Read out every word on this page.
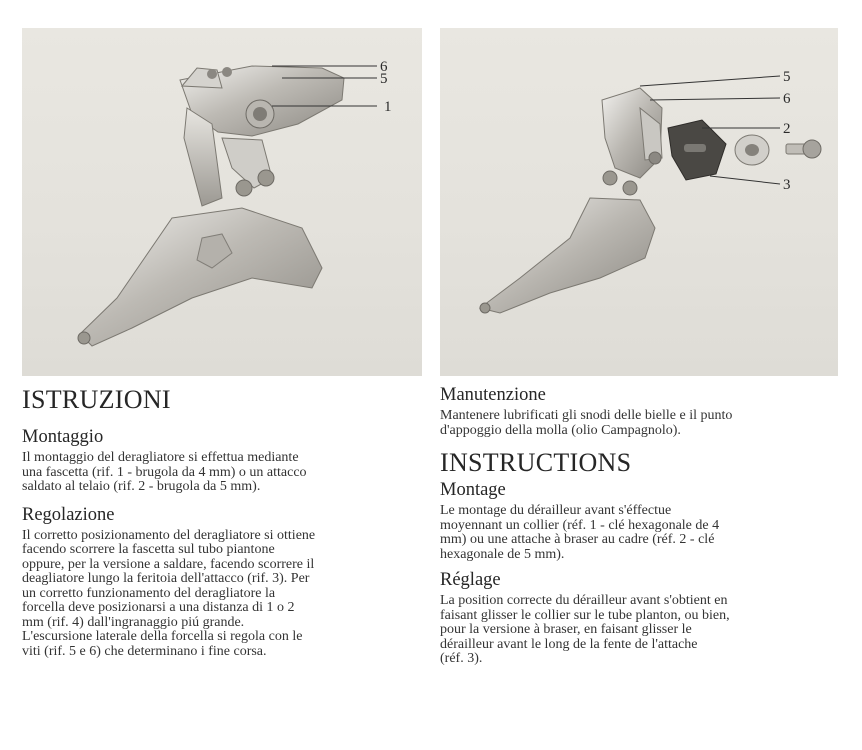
6
5
1
5
6
2
3
ISTRUZIONI
Montaggio

Il montaggio del deragliatore si effettua mediante

una fascetta (rif. 1 - brugola da 4 mm) o un attacco

saldato al telaio (rif. 2 - brugola da 5 mm).

Regolazione

Il corretto posizionamento del deragliatore si ottiene

facendo scorrere la fascetta sul tubo piantone

oppure, per la versione a saldare, facendo scorrere il

deagliatore lungo la feritoia dell'attacco (rif. 3). Per

un corretto funzionamento del deragliatore la

forcella deve posizionarsi a una distanza di 1 o 2

mm (rif. 4) dall'ingranaggio piú grande.

L'escursione laterale della forcella si regola con le

viti (rif. 5 e 6) che determinano i fine corsa.

Manutenzione

Mantenere lubrificati gli snodi delle bielle e il punto

d'appoggio della molla (olio Campagnolo).

INSTRUCTIONS
Montage

Le montage du dérailleur avant s'éffectue

moyennant un collier (réf. 1 - clé hexagonale de 4

mm) ou une attache à braser au cadre (réf. 2 - clé

hexagonale de 5 mm).

Réglage

La position correcte du dérailleur avant s'obtient en

faisant glisser le collier sur le tube planton, ou bien,

pour la versione à braser, en faisant glisser le

dérailleur avant le long de la fente de l'attache

(réf. 3).
